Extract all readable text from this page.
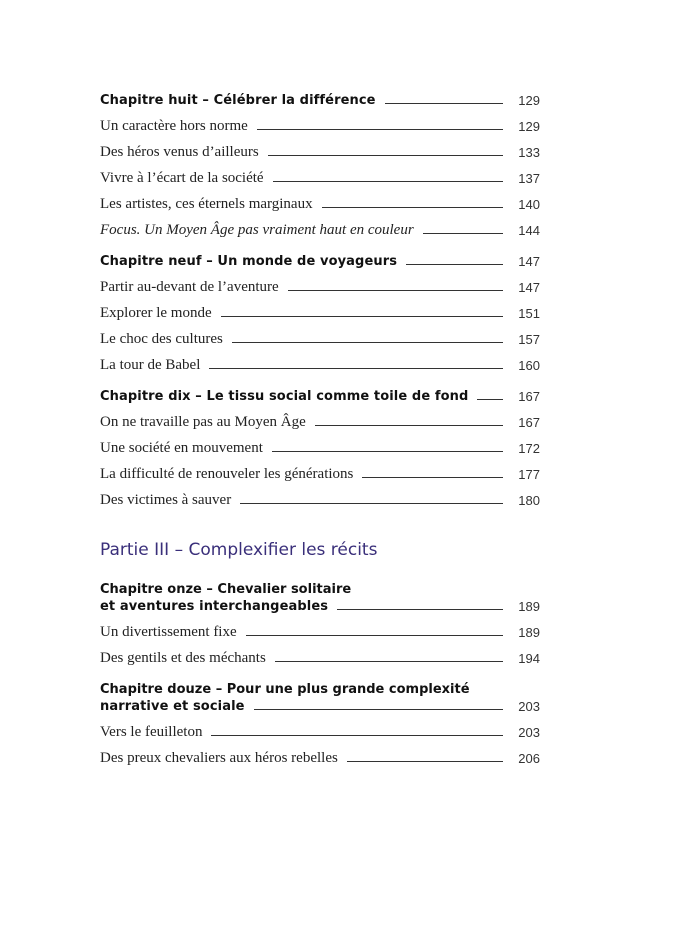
Chapitre huit – Célébrer la différence	129
Un caractère hors norme	129
Des héros venus d’ailleurs	133
Vivre à l’écart de la société	137
Les artistes, ces éternels marginaux	140
Focus. Un Moyen Âge pas vraiment haut en couleur	144
Chapitre neuf – Un monde de voyageurs	147
Partir au-devant de l’aventure	147
Explorer le monde	151
Le choc des cultures	157
La tour de Babel	160
Chapitre dix – Le tissu social comme toile de fond	167
On ne travaille pas au Moyen Âge	167
Une société en mouvement	172
La difficulté de renouveler les générations	177
Des victimes à sauver	180
Partie III – Complexifier les récits
Chapitre onze – Chevalier solitaire
et aventures interchangeables	189
Un divertissement fixe	189
Des gentils et des méchants	194
Chapitre douze – Pour une plus grande complexité
narrative et sociale	203
Vers le feuilleton	203
Des preux chevaliers aux héros rebelles	206
